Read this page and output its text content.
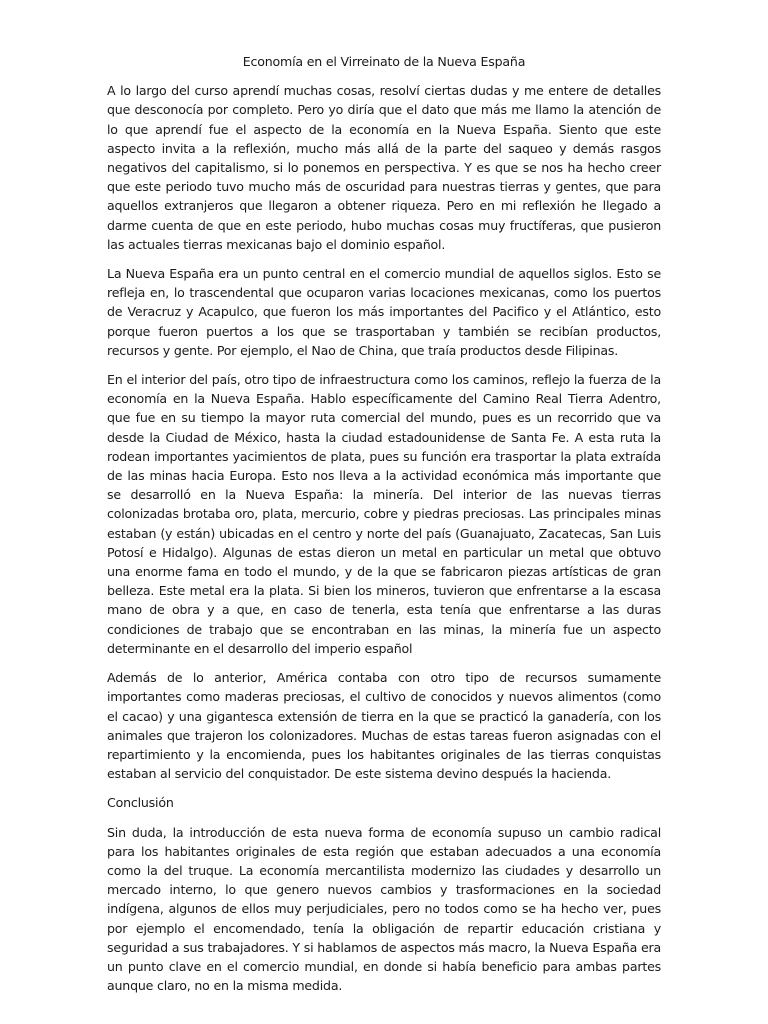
Economía en el Virreinato de la Nueva España

A lo largo del curso aprendí muchas cosas, resolví ciertas dudas y me entere de detalles que desconocía por completo. Pero yo diría que el dato que más me llamo la atención de lo que aprendí fue el aspecto de la economía en la Nueva España. Siento que este aspecto invita a la reflexión, mucho más allá de la parte del saqueo y demás rasgos negativos del capitalismo, si lo ponemos en perspectiva. Y es que se nos ha hecho creer que este periodo tuvo mucho más de oscuridad para nuestras tierras y gentes, que para aquellos extranjeros que llegaron a obtener riqueza. Pero en mi reflexión he llegado a darme cuenta de que en este periodo, hubo muchas cosas muy fructíferas, que pusieron las actuales tierras mexicanas bajo el dominio español.

La Nueva España era un punto central en el comercio mundial de aquellos siglos. Esto se refleja en, lo trascendental que ocuparon varias locaciones mexicanas, como los puertos de Veracruz y Acapulco, que fueron los más importantes del Pacifico y el Atlántico, esto porque fueron puertos a los que se trasportaban y también se recibían productos, recursos y gente. Por ejemplo, el Nao de China, que traía productos desde Filipinas.

En el interior del país, otro tipo de infraestructura como los caminos, reflejo la fuerza de la economía en la Nueva España. Hablo específicamente del Camino Real Tierra Adentro, que fue en su tiempo la mayor ruta comercial del mundo, pues es un recorrido que va desde la Ciudad de México, hasta la ciudad estadounidense de Santa Fe. A esta ruta la rodean importantes yacimientos de plata, pues su función era trasportar la plata extraída de las minas hacia Europa. Esto nos lleva a la actividad económica más importante que se desarrolló en la Nueva España: la minería. Del interior de las nuevas tierras colonizadas brotaba oro, plata, mercurio, cobre y piedras preciosas. Las principales minas estaban (y están) ubicadas en el centro y norte del país (Guanajuato, Zacatecas, San Luis Potosí e Hidalgo). Algunas de estas dieron un metal en particular un metal que obtuvo una enorme fama en todo el mundo, y de la que se fabricaron piezas artísticas de gran belleza. Este metal era la plata. Si bien los mineros, tuvieron que enfrentarse a la escasa mano de obra y a que, en caso de tenerla, esta tenía que enfrentarse a las duras condiciones de trabajo que se encontraban en las minas, la minería fue un aspecto determinante en el desarrollo del imperio español

Además de lo anterior, América contaba con otro tipo de recursos sumamente importantes como maderas preciosas, el cultivo de conocidos y nuevos alimentos (como el cacao) y una gigantesca extensión de tierra en la que se practicó la ganadería, con los animales que trajeron los colonizadores. Muchas de estas tareas fueron asignadas con el repartimiento y la encomienda, pues los habitantes originales de las tierras conquistas estaban al servicio del conquistador. De este sistema devino después la hacienda.

Conclusión

Sin duda, la introducción de esta nueva forma de economía supuso un cambio radical para los habitantes originales de esta región que estaban adecuados a una economía como la del truque. La economía mercantilista modernizo las ciudades y desarrollo un mercado interno, lo que genero nuevos cambios y trasformaciones en la sociedad indígena, algunos de ellos muy perjudiciales, pero no todos como se ha hecho ver, pues por ejemplo el encomendado, tenía la obligación de repartir educación cristiana y seguridad a sus trabajadores. Y si hablamos de aspectos más macro, la Nueva España era un punto clave en el comercio mundial, en donde si había beneficio para ambas partes aunque claro, no en la misma medida.
